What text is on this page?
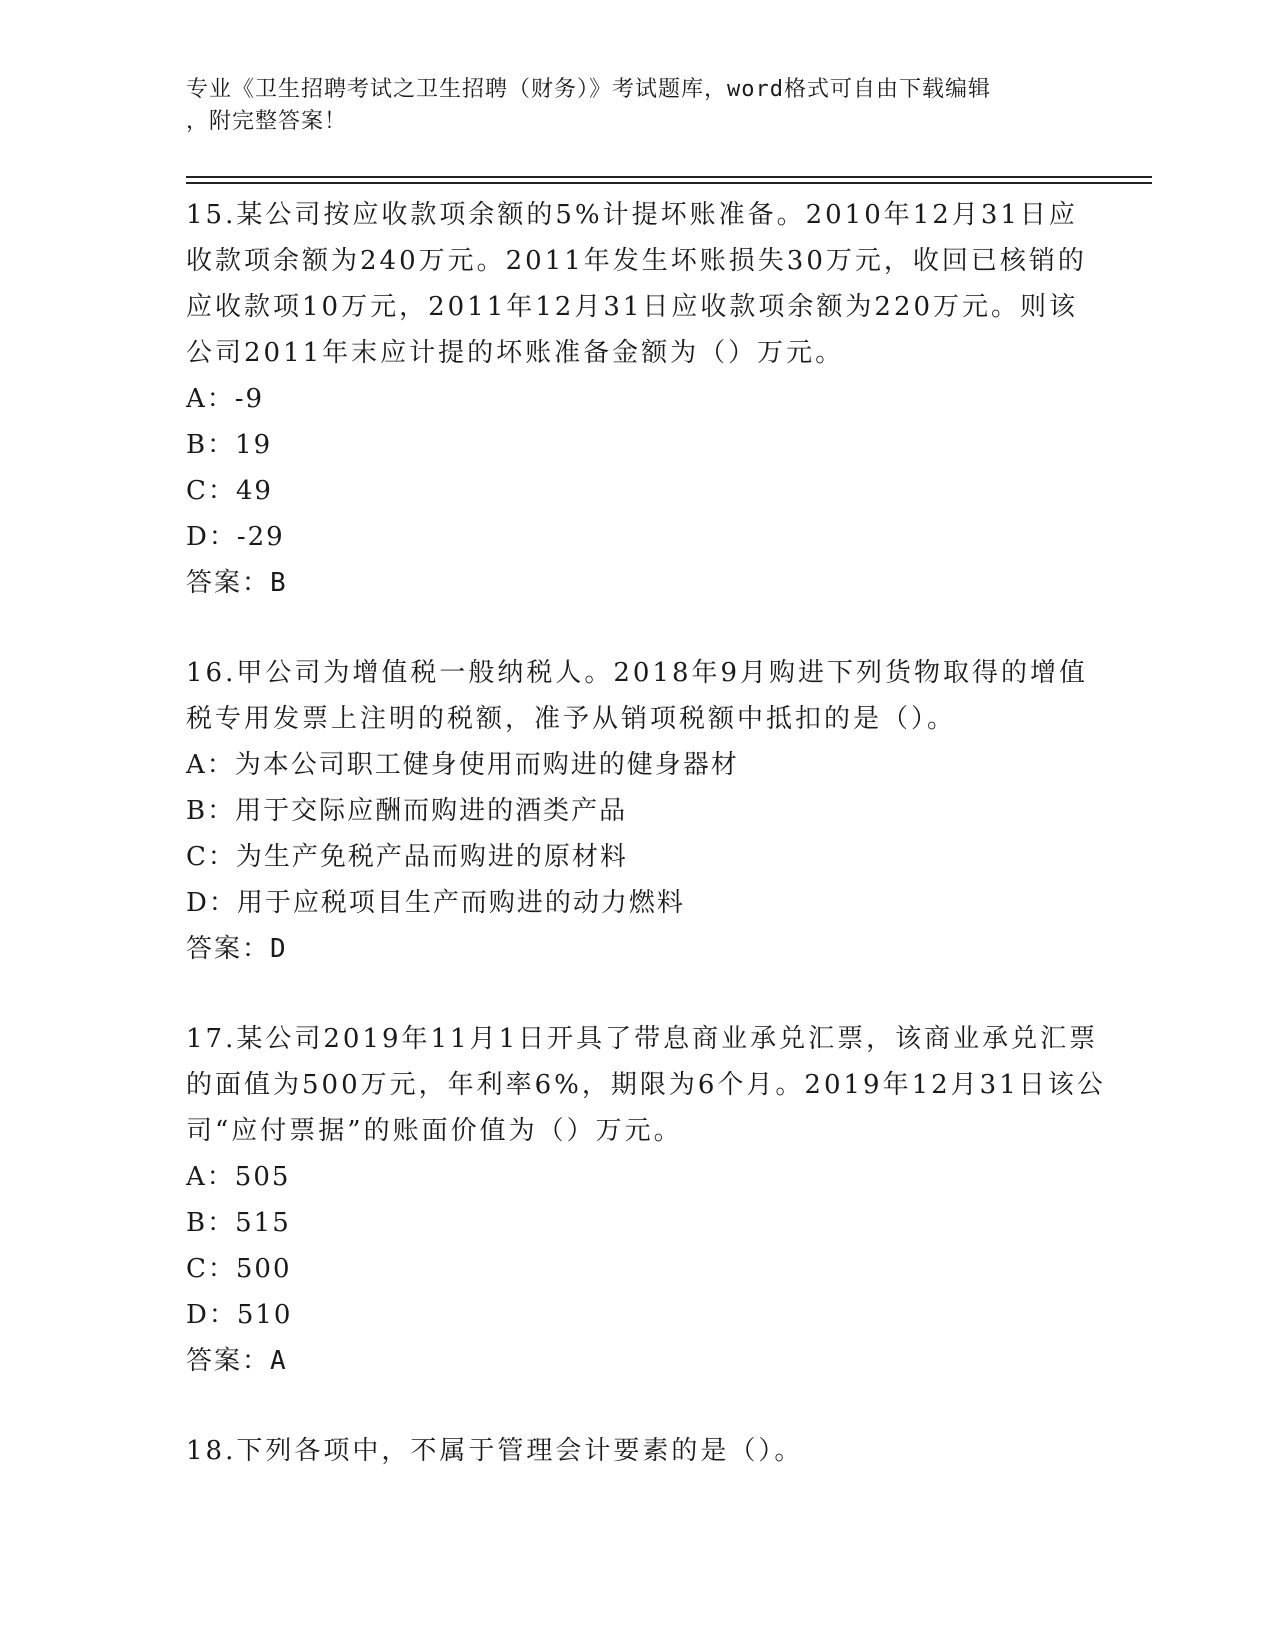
专业《卫生招聘考试之卫生招聘（财务）》考试题库，word格式可自由下载编辑
，附完整答案！

15.某公司按应收款项余额的5%计提坏账准备。2010年12月31日应收款项余额为240万元。2011年发生坏账损失30万元，收回已核销的应收款项10万元，2011年12月31日应收款项余额为220万元。则该公司2011年末应计提的坏账准备金额为（）万元。

A：-9

B：19

C：49

D：-29

答案：B

16.甲公司为增值税一般纳税人。2018年9月购进下列货物取得的增值税专用发票上注明的税额，准予从销项税额中抵扣的是（）。

A：为本公司职工健身使用而购进的健身器材

B：用于交际应酬而购进的酒类产品

C：为生产免税产品而购进的原材料

D：用于应税项目生产而购进的动力燃料

答案：D

17.某公司2019年11月1日开具了带息商业承兑汇票，该商业承兑汇票的面值为500万元，年利率6%，期限为6个月。2019年12月31日该公司“应付票据”的账面价值为（）万元。

A：505

B：515

C：500

D：510

答案：A

18.下列各项中，不属于管理会计要素的是（）。
